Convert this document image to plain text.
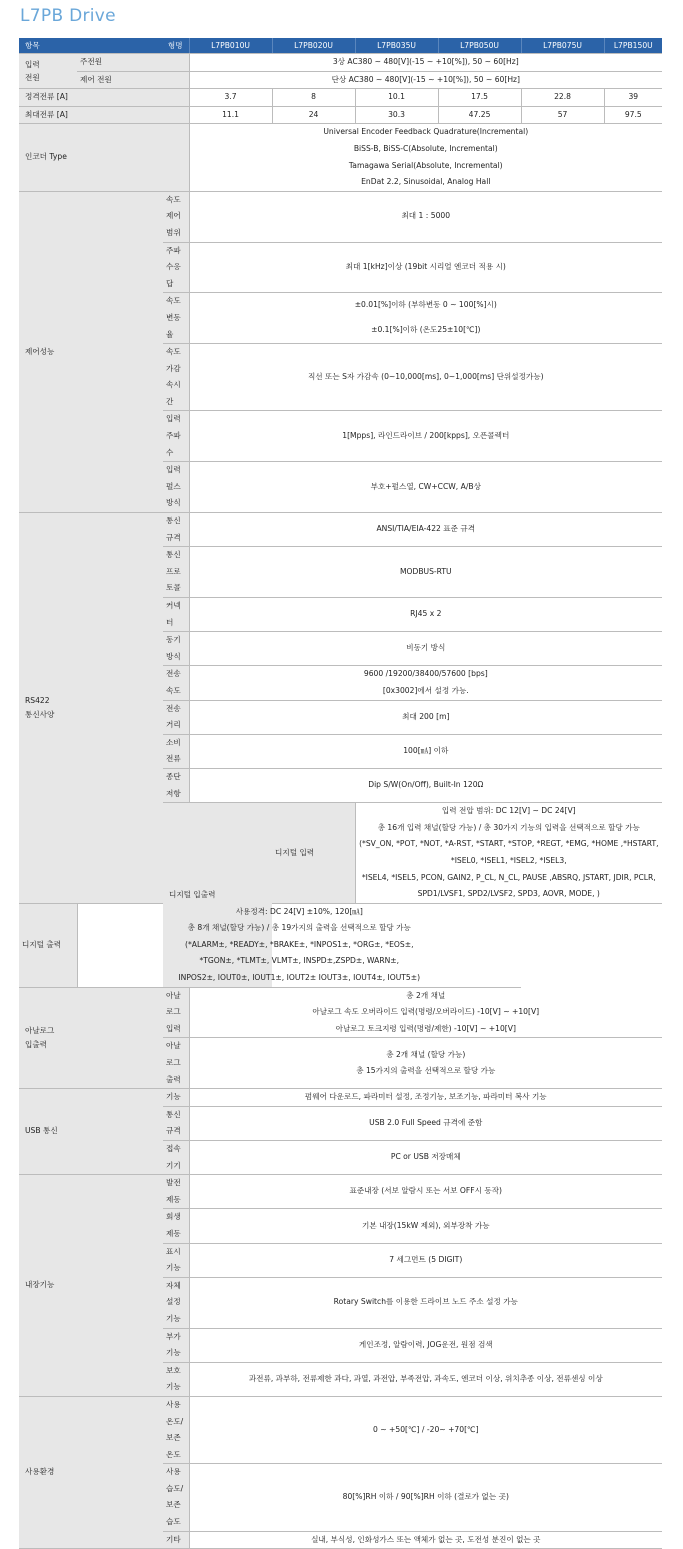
L7PB Drive
항목 형명			L7PB010U	L7PB020U	L7PB035U	L7PB050U	L7PB075U	L7PB150U

입력
전원	주전원		3상 AC380 ~ 480[V](-15 ~ +10[%]), 50 ~ 60[Hz]					
	제어 전원		단상 AC380 ~ 480[V](-15 ~ +10[%]), 50 ~ 60[Hz]					
정격전류 [A]			3.7	8	10.1	17.5	22.8	39
최대전류 [A]			11.1	24	30.3	47.25	57	97.5
인코더 Type			Universal Encoder Feedback Quadrature(Incremental)
BiSS-B, BiSS-C(Absolute, Incremental)
Tamagawa Serial(Absolute, Incremental)
EnDat 2.2, Sinusoidal, Analog Hall					

제어성능		속도제어범위	최대 1 : 5000					
		주파수응답	최대 1[kHz]이상 (19bit 시리얼 엔코더 적용 시)					
		속도변동율	±0.01[%]이하 (부하변동 0 ~ 100[%]시)					
			±0.1[%]이하 (온도25±10[℃])					
		속도 가감속시간	직선 또는 S자 가감속 (0~10,000[ms], 0~1,000[ms] 단위설정가능)					
		입력주파수	1[Mpps], 라인드라이브 / 200[kpps], 오픈콜렉터					
		입력펄스방식	부호+펄스열, CW+CCW, A/B상					

RS422
통신사양		통신규격	ANSI/TIA/EIA-422 표준 규격					
		통신프로토콜	MODBUS-RTU					
		커넥터	RJ45 x 2					
		동기방식	비동기 방식					
		전송속도	9600 /19200/38400/57600 [bps]					
			[0x3002]에서 설정 가능.					
		전송거리	최대 200 [m]					
		소비전류	100[㎃] 이하					
		종단저항	Dip S/W(On/Off), Built-In 120Ω					
		디지털 입출력		디지털 입력	입력 전압 범위: DC 12[V] ~ DC 24[V]
총 16개 입력 채널(할당 가능) / 총 30가지 기능의 입력을 선택적으로 할당 가능
(*SV_ON, *POT, *NOT, *A-RST, *START, *STOP, *REGT, *EMG, *HOME ,*HSTART, *ISEL0, *ISEL1, *ISEL2, *ISEL3,
*ISEL4, *ISEL5, PCON, GAIN2, P_CL, N_CL, PAUSE ,ABSRQ, JSTART, JDIR, PCLR,
SPD1/LVSF1, SPD2/LVSF2, SPD3, AOVR, MODE, )			

디지털 출력	사용정격: DC 24[V] ±10%, 120[㎃]
총 8개 채널(할당 가능) / 총 19가지의 출력을 선택적으로 할당 가능
(*ALARM±, *READY±, *BRAKE±, *INPOS1±, *ORG±, *EOS±,
*TGON±, *TLMT±, VLMT±, INSPD±,ZSPD±, WARN±,
INPOS2±, IOUT0±, IOUT1±, IOUT2± IOUT3±, IOUT4±, IOUT5±)							

아날로그
입출력		아날로그 입력	총 2개 채널
아날로그 속도 오버라이드 입력(명령/오버라이드) -10[V] ~ +10[V]
아날로그 토크지령 입력(명령/제한) -10[V] ~ +10[V]					

		아날로그 출력	총 2개 채널 (할당 가능)
총 15가지의 출력을 선택적으로 할당 가능					

USB 통신		기능	펌웨어 다운로드, 파라미터 설정, 조정기능, 보조기능, 파라미터 복사 기능					
		통신규격	USB 2.0 Full Speed 규격에 준함					
		접속기기	PC or USB 저장매체					
내장기능		발전제동	표준내장 (서보 알람시 또는 서보 OFF시 동작)					
		회생제동	기본 내장(15kW 제외), 외부장착 가능					
		표시기능	7 세그먼트 (5 DIGIT)					
		자체설정기능	Rotary Switch를 이용한 드라이브 노드 주소 설정 가능					
		부가기능	게인조정, 알람이력, JOG운전, 원점 검색					
		보호기능	과전류, 과부하, 전류제한 과다, 과열, 과전압, 부족전압, 과속도, 엔코더 이상, 위치추종 이상, 전류센싱 이상					
사용환경		사용온도/보존온도	0 ~ +50[℃] / -20~ +70[℃]					
		사용습도/보존습도	80[%]RH 이하 / 90[%]RH 이하 (결로가 없는 곳)					
		기타	실내, 부식성, 인화성가스 또는 액체가 없는 곳, 도전성 분진이 없는 곳					
